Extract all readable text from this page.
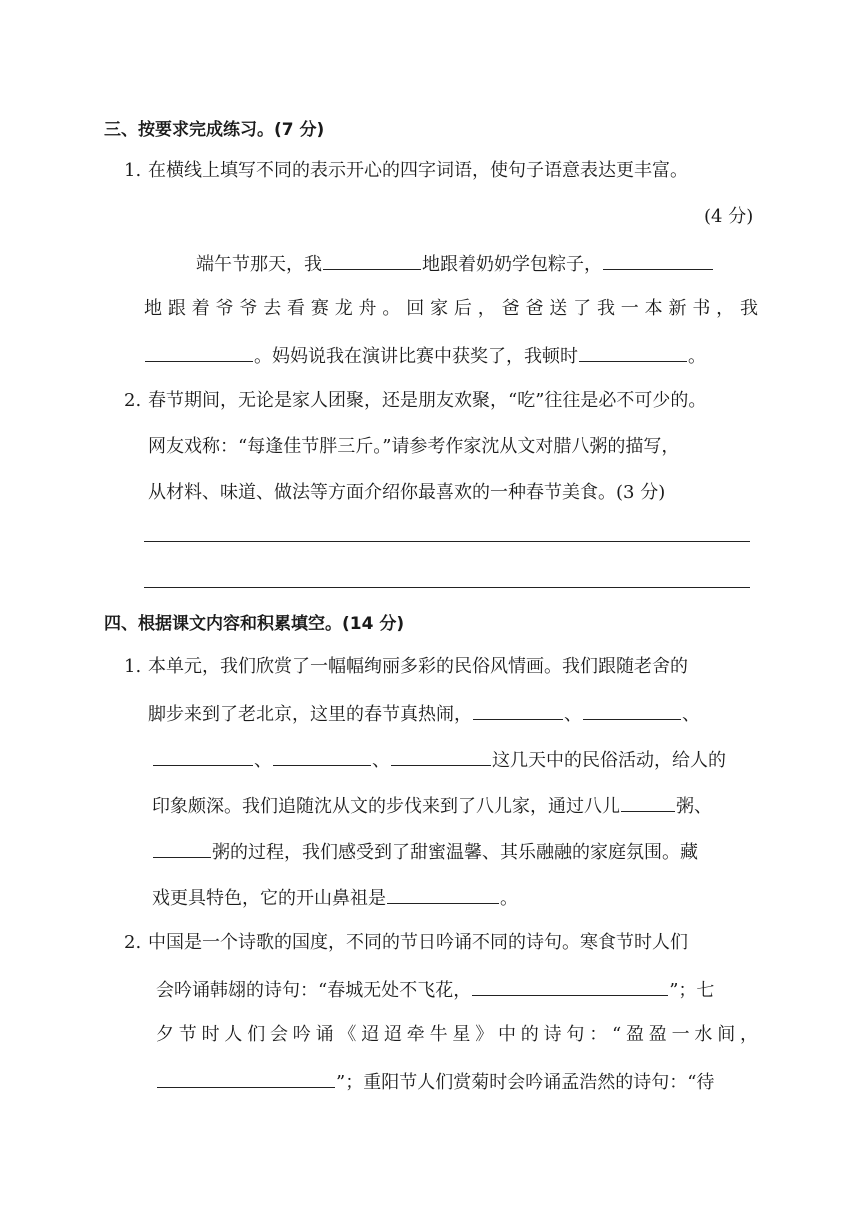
三、按要求完成练习。(7 分)
1. 在横线上填写不同的表示开心的四字词语，使句子语意表达更丰富。
(4 分)
端午节那天，我	地跟着奶奶学包粽子，
地跟着爷爷去看赛龙舟。回家后，爸爸送了我一本新书，我
。妈妈说我在演讲比赛中获奖了，我顿时	。
2. 春节期间，无论是家人团聚，还是朋友欢聚，“吃”往往是必不可少的。
网友戏称：“每逢佳节胖三斤。”请参考作家沈从文对腊八粥的描写，
从材料、味道、做法等方面介绍你最喜欢的一种春节美食。(3 分)
四、根据课文内容和积累填空。(14 分)
1. 本单元，我们欣赏了一幅幅绚丽多彩的民俗风情画。我们跟随老舍的
脚步来到了老北京，这里的春节真热闹，	、	、
、	、	这几天中的民俗活动，给人的
印象颇深。我们追随沈从文的步伐来到了八儿家，通过八儿	粥、
粥的过程，我们感受到了甜蜜温馨、其乐融融的家庭氛围。藏
戏更具特色，它的开山鼻祖是	。
2. 中国是一个诗歌的国度，不同的节日吟诵不同的诗句。寒食节时人们
会吟诵韩翃的诗句：“春城无处不飞花，	”；七
夕节时人们会吟诵《迢迢牵牛星》中的诗句：“盈盈一水间，
”；重阳节人们赏菊时会吟诵孟浩然的诗句：“待
